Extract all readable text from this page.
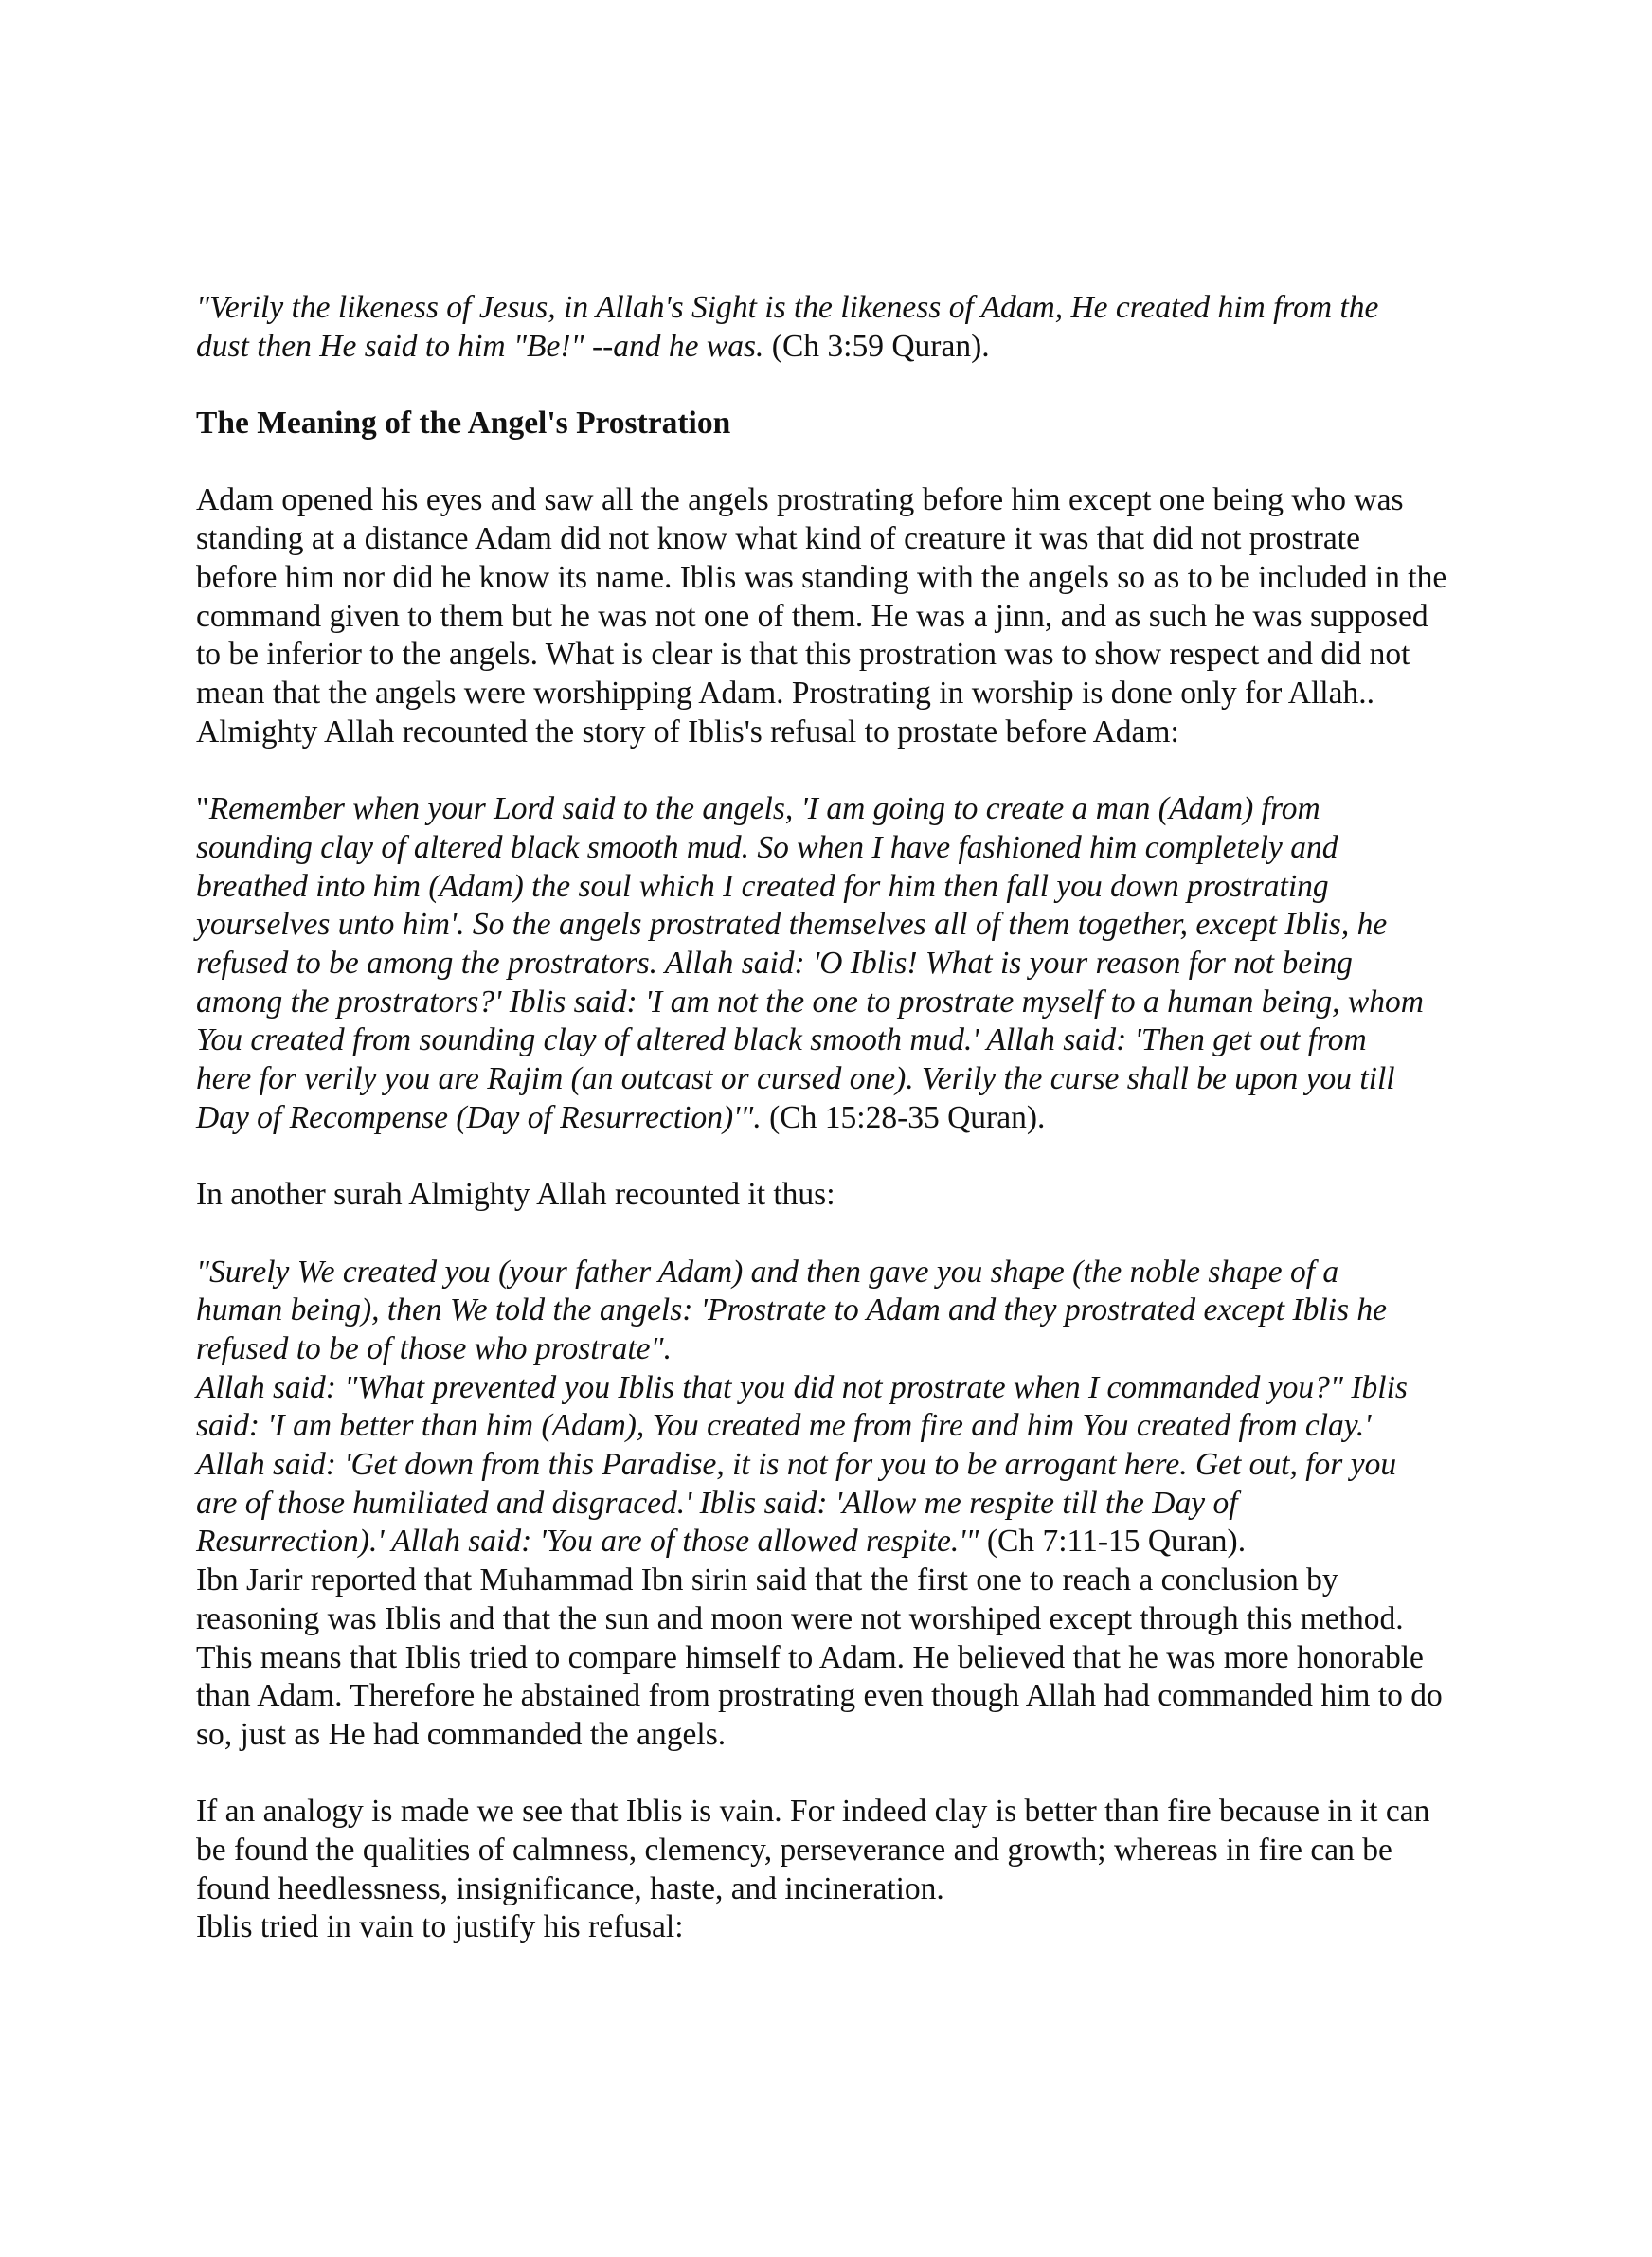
"Verily the likeness of Jesus, in Allah's Sight is the likeness of Adam, He created him from the
dust then He said to him "Be!" --and he was. (Ch 3:59 Quran).
The Meaning of the Angel's Prostration
Adam opened his eyes and saw all the angels prostrating before him except one being who was
standing at a distance Adam did not know what kind of creature it was that did not prostrate
before him nor did he know its name. Iblis was standing with the angels so as to be included in the
command given to them but he was not one of them. He was a jinn, and as such he was supposed
to be inferior to the angels. What is clear is that this prostration was to show respect and did not
mean that the angels were worshipping Adam. Prostrating in worship is done only for Allah..
Almighty Allah recounted the story of Iblis's refusal to prostate before Adam:
"Remember when your Lord said to the angels, 'I am going to create a man (Adam) from
sounding clay of altered black smooth mud. So when I have fashioned him completely and
breathed into him (Adam) the soul which I created for him then fall you down prostrating
yourselves unto him'. So the angels prostrated themselves all of them together, except Iblis, he
refused to be among the prostrators. Allah said: 'O Iblis! What is your reason for not being
among the prostrators?' Iblis said: 'I am not the one to prostrate myself to a human being, whom
You created from sounding clay of altered black smooth mud.' Allah said: 'Then get out from
here for verily you are Rajim (an outcast or cursed one). Verily the curse shall be upon you till
Day of Recompense (Day of Resurrection)'". (Ch 15:28-35 Quran).
In another surah Almighty Allah recounted it thus:
"Surely We created you (your father Adam) and then gave you shape (the noble shape of a
human being), then We told the angels: 'Prostrate to Adam and they prostrated except Iblis he
refused to be of those who prostrate".
Allah said: "What prevented you Iblis that you did not prostrate when I commanded you?" Iblis
said: 'I am better than him (Adam), You created me from fire and him You created from clay.'
Allah said: 'Get down from this Paradise, it is not for you to be arrogant here. Get out, for you
are of those humiliated and disgraced.' Iblis said: 'Allow me respite till the Day of
Resurrection).' Allah said: 'You are of those allowed respite.'" (Ch 7:11-15 Quran).
Ibn Jarir reported that Muhammad Ibn sirin said that the first one to reach a conclusion by
reasoning was Iblis and that the sun and moon were not worshiped except through this method.
This means that Iblis tried to compare himself to Adam. He believed that he was more honorable
than Adam. Therefore he abstained from prostrating even though Allah had commanded him to do
so, just as He had commanded the angels.
If an analogy is made we see that Iblis is vain. For indeed clay is better than fire because in it can
be found the qualities of calmness, clemency, perseverance and growth; whereas in fire can be
found heedlessness, insignificance, haste, and incineration.
Iblis tried in vain to justify his refusal:
